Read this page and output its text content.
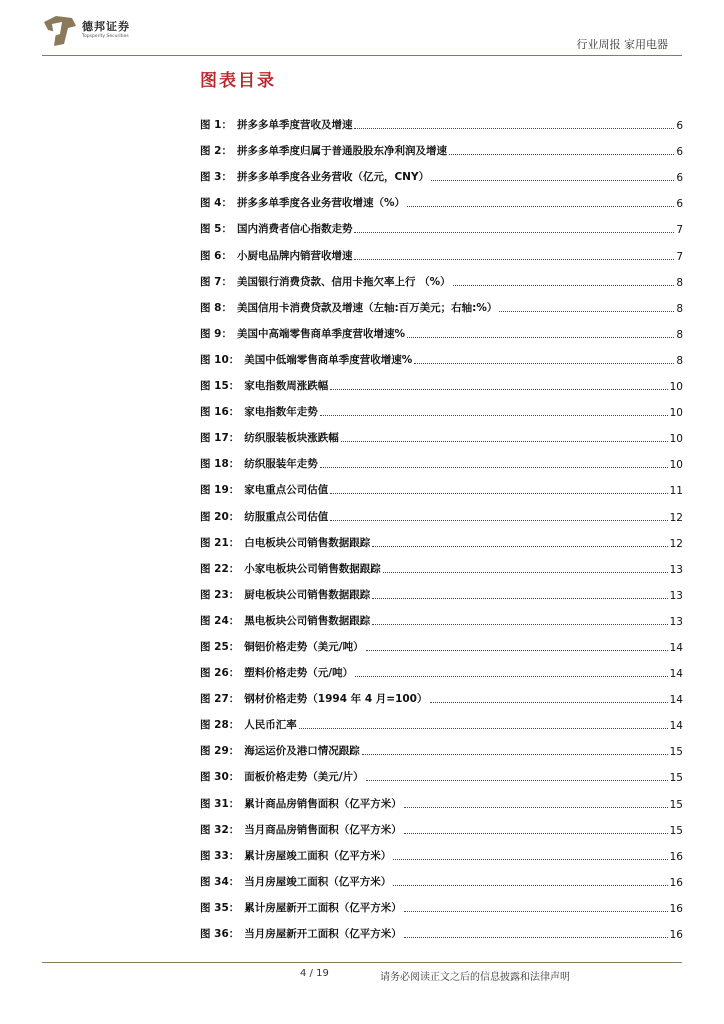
德邦证券
Topsperity Securities
行业周报 家用电器
图表目录
图 1： 拼多多单季度营收及增速	6
图 2： 拼多多单季度归属于普通股股东净利润及增速	6
图 3： 拼多多单季度各业务营收（亿元，CNY）	6
图 4： 拼多多单季度各业务营收增速（%）	6
图 5： 国内消费者信心指数走势	7
图 6： 小厨电品牌内销营收增速	7
图 7： 美国银行消费贷款、信用卡拖欠率上行 （%）	8
图 8： 美国信用卡消费贷款及增速（左轴:百万美元；右轴:%）	8
图 9： 美国中高端零售商单季度营收增速%	8
图 10： 美国中低端零售商单季度营收增速%	8
图 15： 家电指数周涨跌幅	10
图 16： 家电指数年走势	10
图 17： 纺织服装板块涨跌幅	10
图 18： 纺织服装年走势	10
图 19： 家电重点公司估值	11
图 20： 纺服重点公司估值	12
图 21： 白电板块公司销售数据跟踪	12
图 22： 小家电板块公司销售数据跟踪	13
图 23： 厨电板块公司销售数据跟踪	13
图 24： 黑电板块公司销售数据跟踪	13
图 25： 铜铝价格走势（美元/吨）	14
图 26： 塑料价格走势（元/吨）	14
图 27： 钢材价格走势（1994 年 4 月=100）	14
图 28： 人民币汇率	14
图 29： 海运运价及港口情况跟踪	15
图 30： 面板价格走势（美元/片）	15
图 31： 累计商品房销售面积（亿平方米）	15
图 32： 当月商品房销售面积（亿平方米）	15
图 33： 累计房屋竣工面积（亿平方米）	16
图 34： 当月房屋竣工面积（亿平方米）	16
图 35： 累计房屋新开工面积（亿平方米）	16
图 36： 当月房屋新开工面积（亿平方米）	16
4 / 19	请务必阅读正文之后的信息披露和法律声明
